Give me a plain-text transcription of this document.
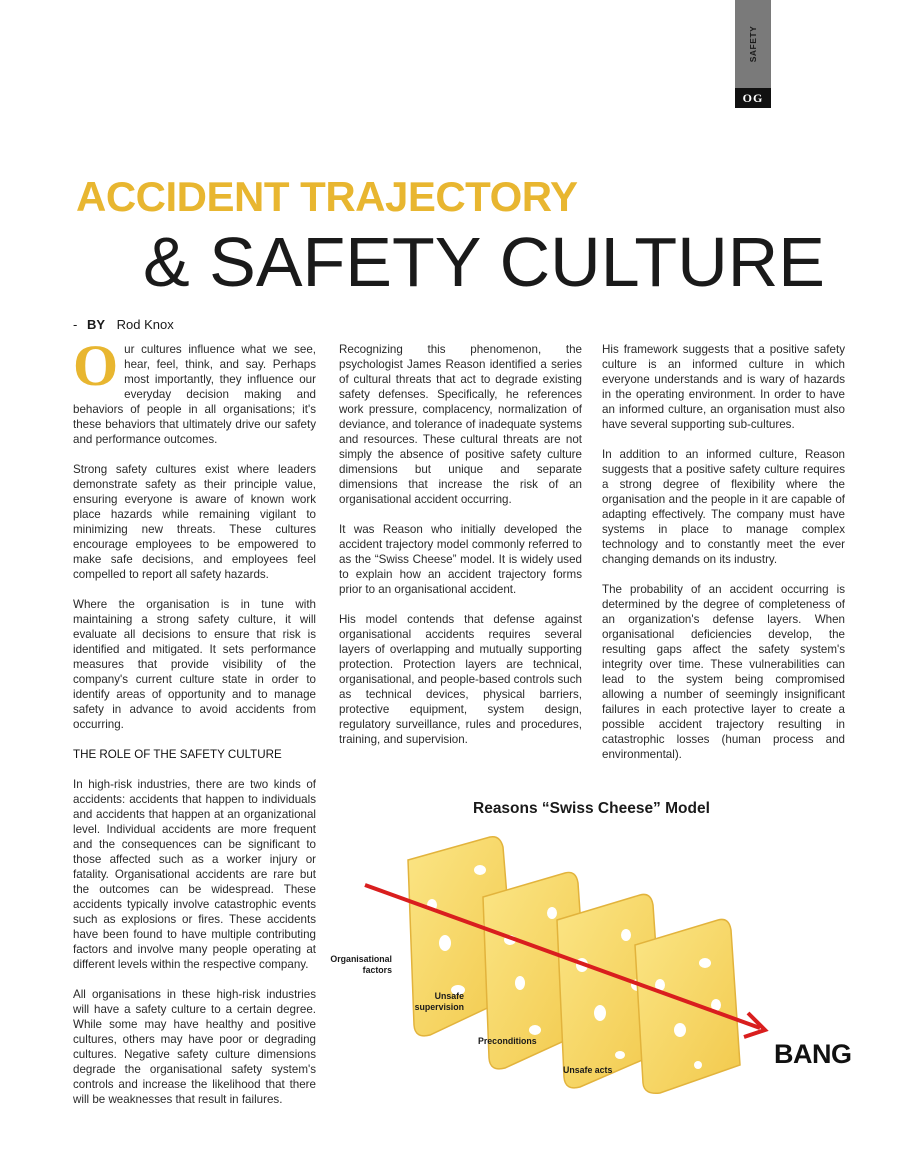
SAFETY
OG
ACCIDENT TRAJECTORY
& SAFETY CULTURE
- BY Rod Knox

Our cultures influence what we see, hear, feel, think, and say. Perhaps most importantly, they influence our everyday decision making and behaviors of people in all organisations; it's these behaviors that ultimately drive our safety and performance outcomes.

Strong safety cultures exist where leaders demonstrate safety as their principle value, ensuring everyone is aware of known work place hazards while remaining vigilant to minimizing new threats. These cultures encourage employees to be empowered to make safe decisions, and employees feel compelled to report all safety hazards.

Where the organisation is in tune with maintaining a strong safety culture, it will evaluate all decisions to ensure that risk is identified and mitigated. It sets performance measures that provide visibility of the company's current culture state in order to identify areas of opportunity and to manage safety in advance to avoid accidents from occurring.

THE ROLE OF THE SAFETY CULTURE

In high-risk industries, there are two kinds of accidents: accidents that happen to individuals and accidents that happen at an organizational level. Individual accidents are more frequent and the consequences can be significant to those affected such as a worker injury or fatality. Organisational accidents are rare but the outcomes can be widespread. These accidents typically involve catastrophic events such as explosions or fires. These accidents have been found to have multiple contributing factors and involve many people operating at different levels within the respective company.

All organisations in these high-risk industries will have a safety culture to a certain degree. While some may have healthy and positive cultures, others may have poor or degrading cultures. Negative safety culture dimensions degrade the organisational safety system's controls and increase the likelihood that there will be weaknesses that result in failures.

Recognizing this phenomenon, the psychologist James Reason identified a series of cultural threats that act to degrade existing safety defenses. Specifically, he references work pressure, complacency, normalization of deviance, and tolerance of inadequate systems and resources. These cultural threats are not simply the absence of positive safety culture dimensions but unique and separate dimensions that increase the risk of an organisational accident occurring.

It was Reason who initially developed the accident trajectory model commonly referred to as the “Swiss Cheese” model. It is widely used to explain how an accident trajectory forms prior to an organisational accident.

His model contends that defense against organisational accidents requires several layers of overlapping and mutually supporting protection. Protection layers are technical, organisational, and people-based controls such as technical devices, physical barriers, protective equipment, system design, regulatory surveillance, rules and procedures, training, and supervision.

His framework suggests that a positive safety culture is an informed culture in which everyone understands and is wary of hazards in the operating environment. In order to have an informed culture, an organisation must also have several supporting sub-cultures.

In addition to an informed culture, Reason suggests that a positive safety culture requires a strong degree of flexibility where the organisation and the people in it are capable of adapting effectively. The company must have systems in place to manage complex technology and to constantly meet the ever changing demands on its industry.

The probability of an accident occurring is determined by the degree of completeness of an organization's defense layers. When organisational deficiencies develop, the resulting gaps affect the safety system's integrity over time. These vulnerabilities can lead to the system being compromised allowing a number of seemingly insignificant failures in each protective layer to create a possible accident trajectory resulting in catastrophic losses (human process and environmental).

Reasons “Swiss Cheese” Model
Organisational factors
Unsafe supervision
Preconditions
Unsafe acts
BANG
